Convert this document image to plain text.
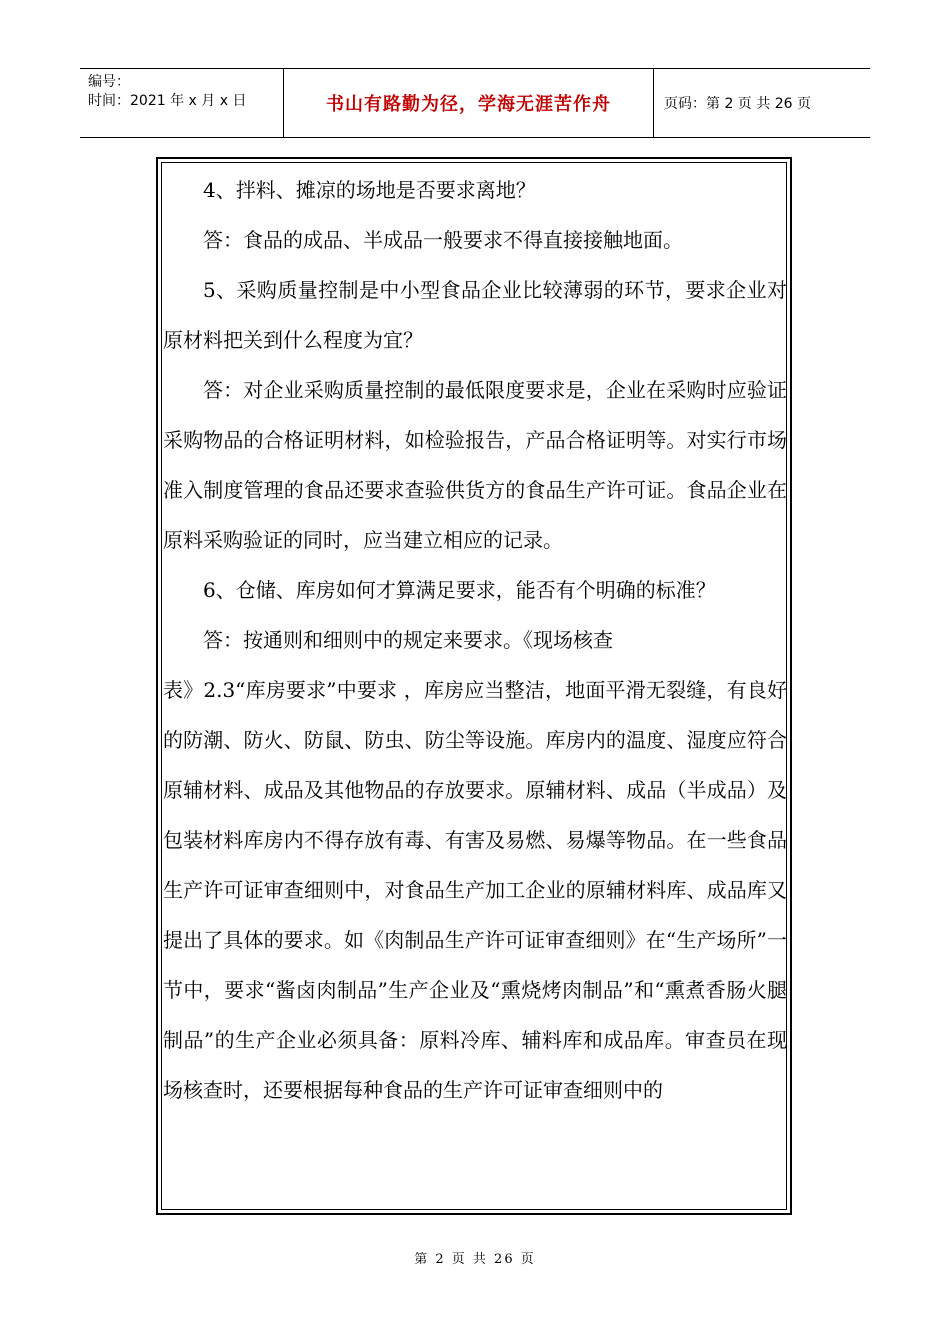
编号：
时间：2021 年 x 月 x 日	书山有路勤为径，学海无涯苦作舟	页码：第 2 页 共 26 页

4、拌料、摊凉的场地是否要求离地？

答：食品的成品、半成品一般要求不得直接接触地面。

5、采购质量控制是中小型食品企业比较薄弱的环节，要求企业对原材料把关到什么程度为宜？

答：对企业采购质量控制的最低限度要求是，企业在采购时应验证采购物品的合格证明材料，如检验报告，产品合格证明等。对实行市场准入制度管理的食品还要求查验供货方的食品生产许可证。食品企业在原料采购验证的同时，应当建立相应的记录。

6、仓储、库房如何才算满足要求，能否有个明确的标准？

答：按通则和细则中的规定来要求。《现场核查

表》2.3“库房要求”中要求 ，库房应当整洁，地面平滑无裂缝，有良好的防潮、防火、防鼠、防虫、防尘等设施。库房内的温度、湿度应符合原辅材料、成品及其他物品的存放要求。原辅材料、成品（半成品）及包装材料库房内不得存放有毒、有害及易燃、易爆等物品。在一些食品生产许可证审查细则中，对食品生产加工企业的原辅材料库、成品库又提出了具体的要求。如《肉制品生产许可证审查细则》在“生产场所”一节中，要求“酱卤肉制品”生产企业及“熏烧烤肉制品”和“熏煮香肠火腿制品”的生产企业必须具备：原料冷库、辅料库和成品库。审查员在现场核查时，还要根据每种食品的生产许可证审查细则中的

第 2 页 共 26 页
